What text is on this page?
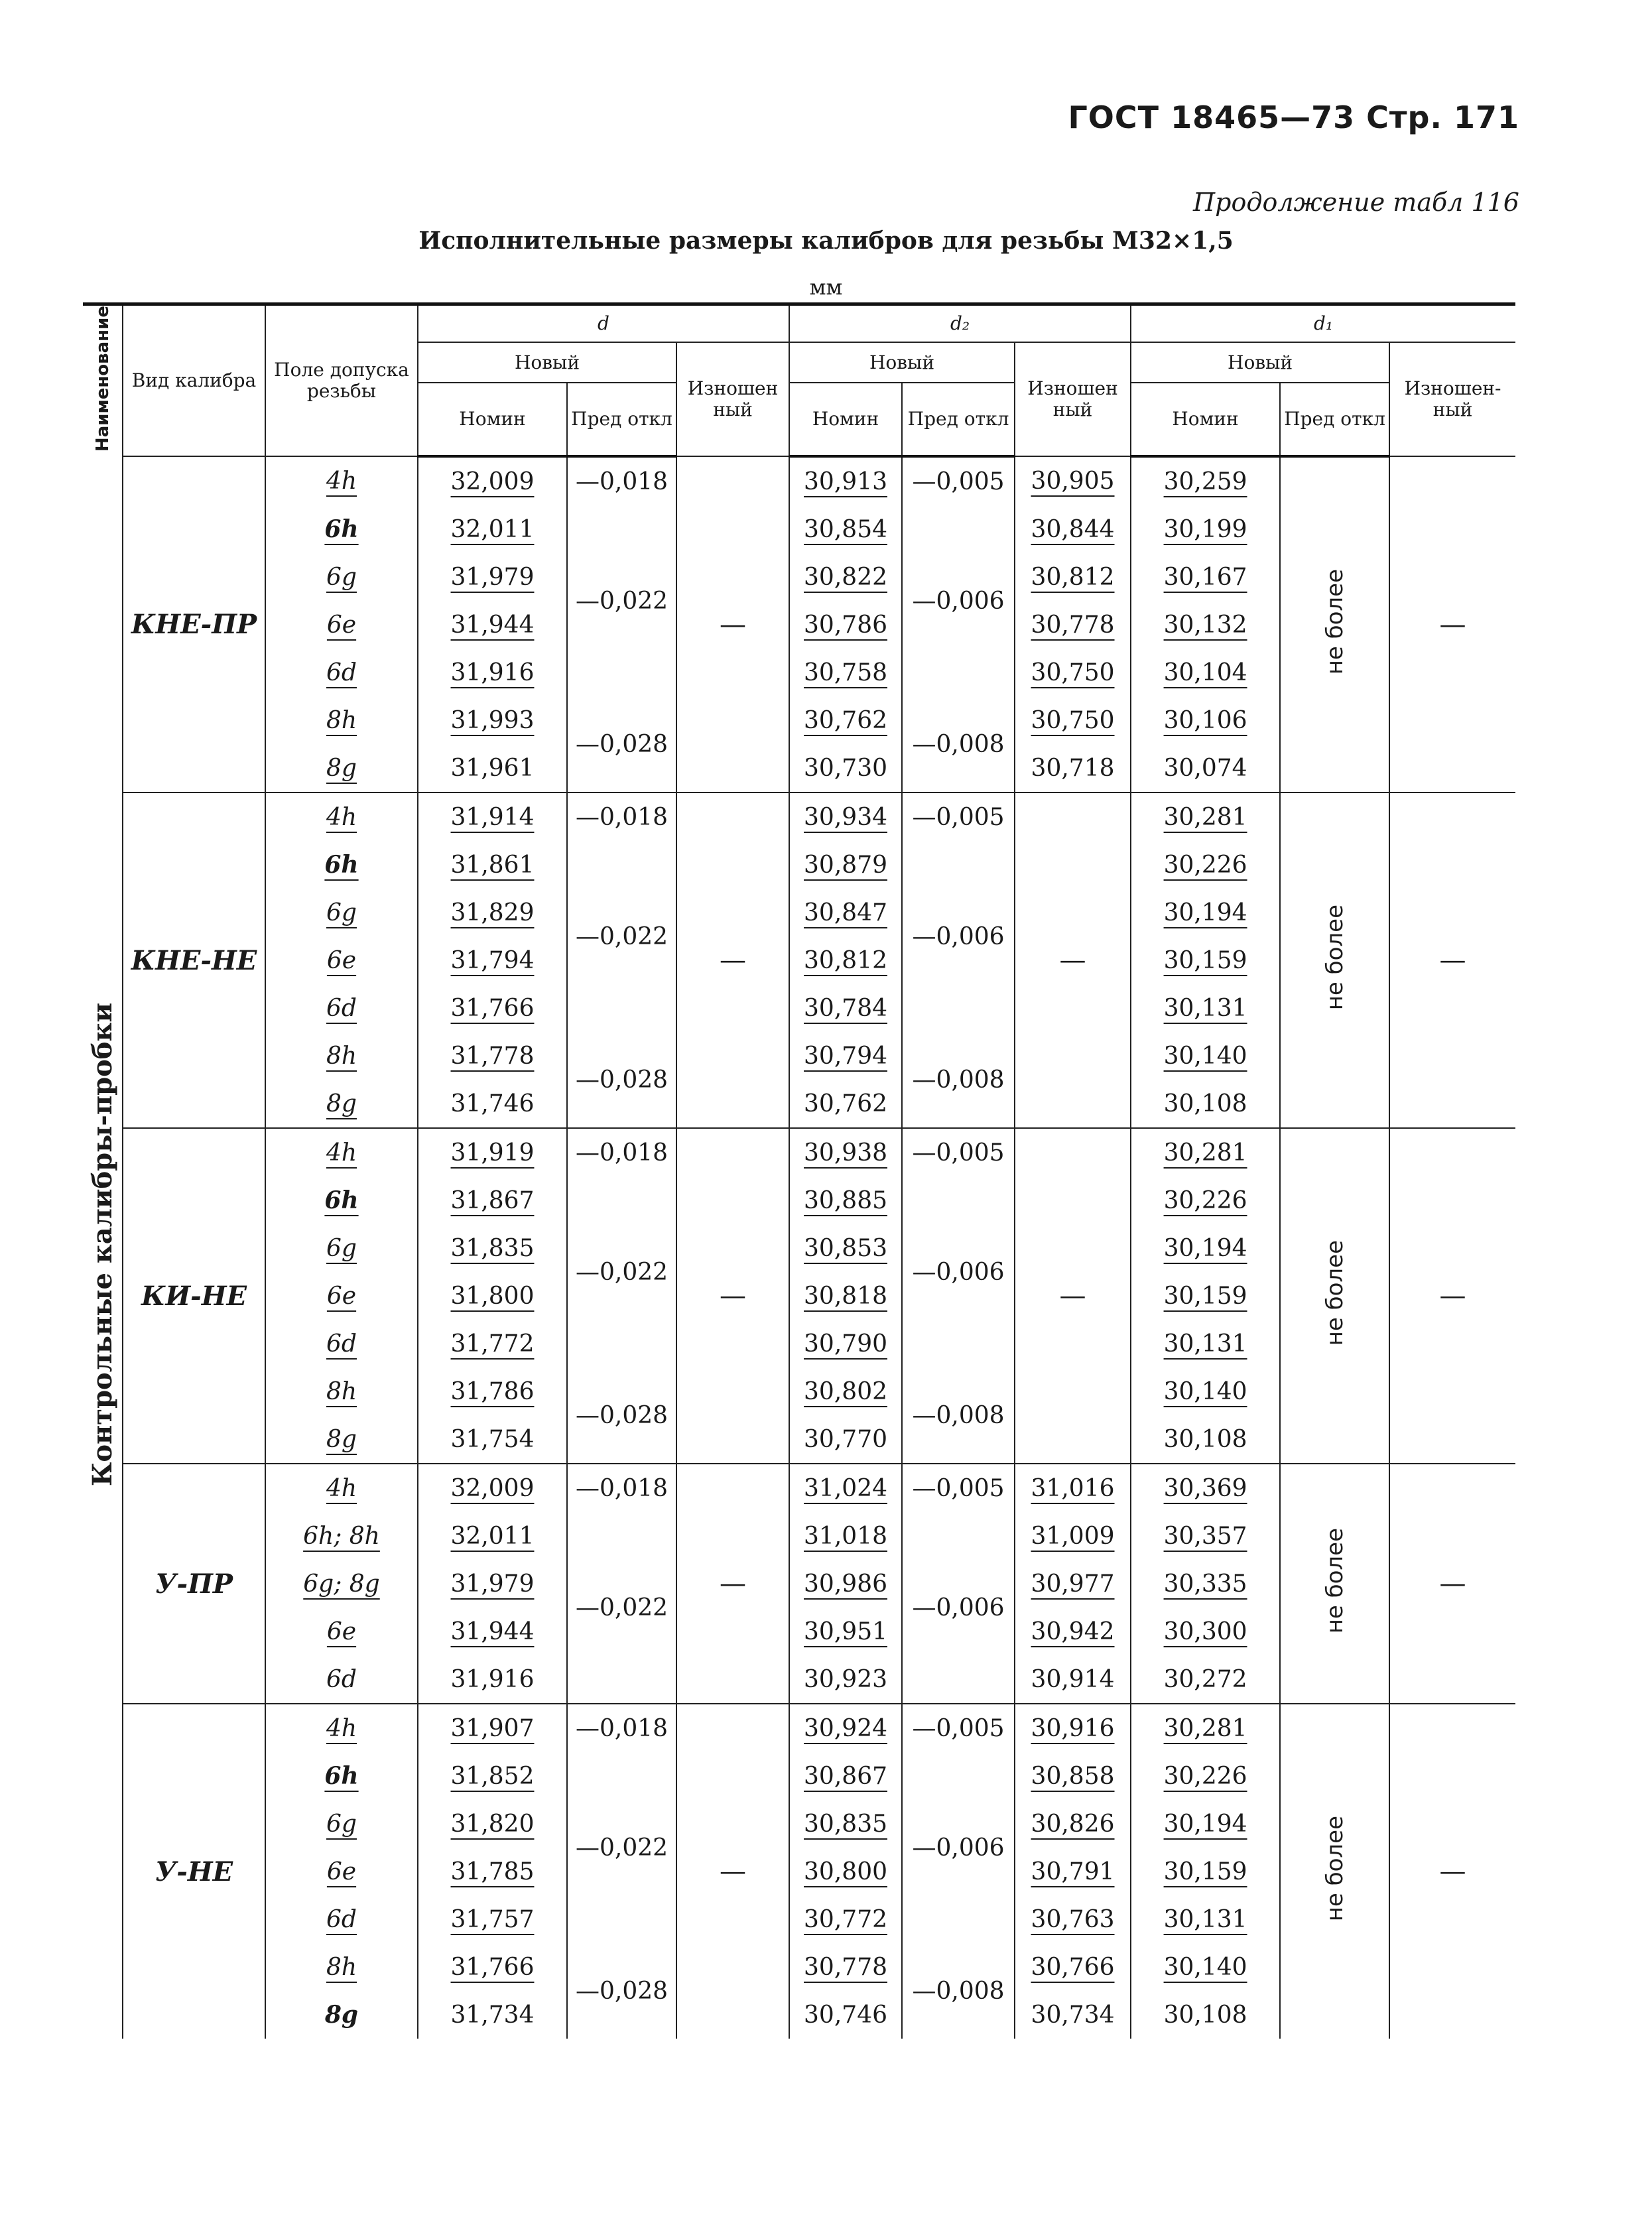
ГОСТ 18465—73 Стр. 171
Продолжение табл 116
Исполнительные размеры калибров для резьбы M32×1,5
мм
Наименование	Вид калибра	Поле допуска резьбы	d			d₂			d₁		
			Новый		Изношен ный	Новый		Изношен ный	Новый		Изношен- ный
			Номин	Пред откл		Номин	Пред откл		Номин	Пред откл	
Контрольные калибры-пробки	КНЕ-ПР	4h	32,009	—0,018	—	30,913	—0,005	30,905	30,259	не более	—
		6h	32,011	—0,022		30,854	—0,006	30,844	30,199		
		6g	31,979			30,822		30,812	30,167		
		6e	31,944			30,786		30,778	30,132		
		6d	31,916			30,758		30,750	30,104		
		8h	31,993	—0,028		30,762	—0,008	30,750	30,106		
		8g	31,961			30,730		30,718	30,074		
	КНЕ-НЕ	4h	31,914	—0,018	—	30,934	—0,005	—	30,281	не более	—
		6h	31,861	—0,022		30,879	—0,006		30,226		
		6g	31,829			30,847			30,194		
		6e	31,794			30,812			30,159		
		6d	31,766			30,784			30,131		
		8h	31,778	—0,028		30,794	—0,008		30,140		
		8g	31,746			30,762			30,108		
	КИ-НЕ	4h	31,919	—0,018	—	30,938	—0,005	—	30,281	не более	—
		6h	31,867	—0,022		30,885	—0,006		30,226		
		6g	31,835			30,853			30,194		
		6e	31,800			30,818			30,159		
		6d	31,772			30,790			30,131		
		8h	31,786	—0,028		30,802	—0,008		30,140		
		8g	31,754			30,770			30,108		
	У-ПР	4h	32,009	—0,018	—	31,024	—0,005	31,016	30,369	не более	—
		6h; 8h	32,011	—0,022		31,018	—0,006	31,009	30,357		
		6g; 8g	31,979			30,986		30,977	30,335		
		6e	31,944			30,951		30,942	30,300		
		6d	31,916			30,923		30,914	30,272		
	У-НЕ	4h	31,907	—0,018	—	30,924	—0,005	30,916	30,281	не более	—
		6h	31,852	—0,022		30,867	—0,006	30,858	30,226		
		6g	31,820			30,835		30,826	30,194		
		6e	31,785			30,800		30,791	30,159		
		6d	31,757			30,772		30,763	30,131		
		8h	31,766	—0,028		30,778	—0,008	30,766	30,140		
		8g	31,734			30,746		30,734	30,108		
